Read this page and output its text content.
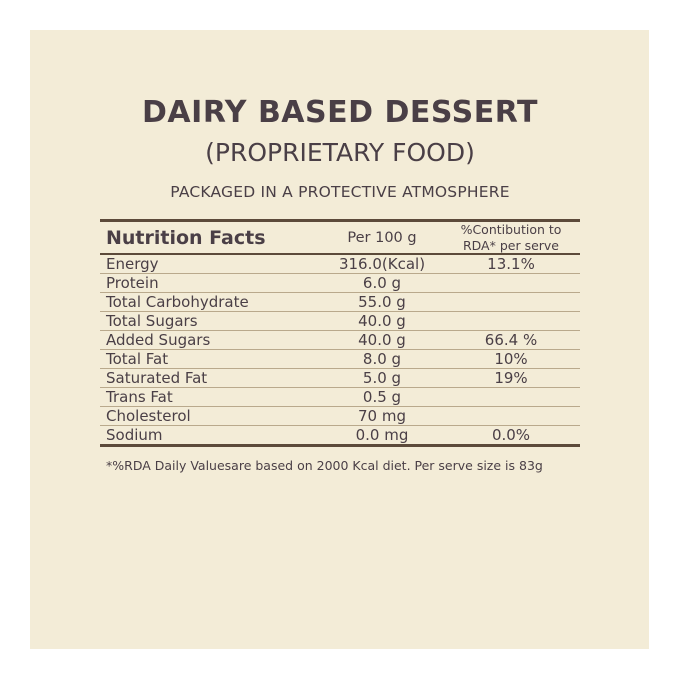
DAIRY BASED DESSERT
(PROPRIETARY FOOD)
PACKAGED IN A PROTECTIVE ATMOSPHERE
Nutrition Facts	Per 100 g	%Contibution to
RDA* per serve
Energy	316.0(Kcal)	13.1%
Protein	6.0 g	
Total Carbohydrate	55.0 g	
Total Sugars	40.0 g	
Added Sugars	40.0 g	66.4 %
Total Fat	8.0 g	10%
Saturated Fat	5.0 g	19%
Trans Fat	0.5 g	
Cholesterol	70 mg	
Sodium	0.0 mg	0.0%
*%RDA Daily Valuesare based on 2000 Kcal diet. Per serve size is 83g
